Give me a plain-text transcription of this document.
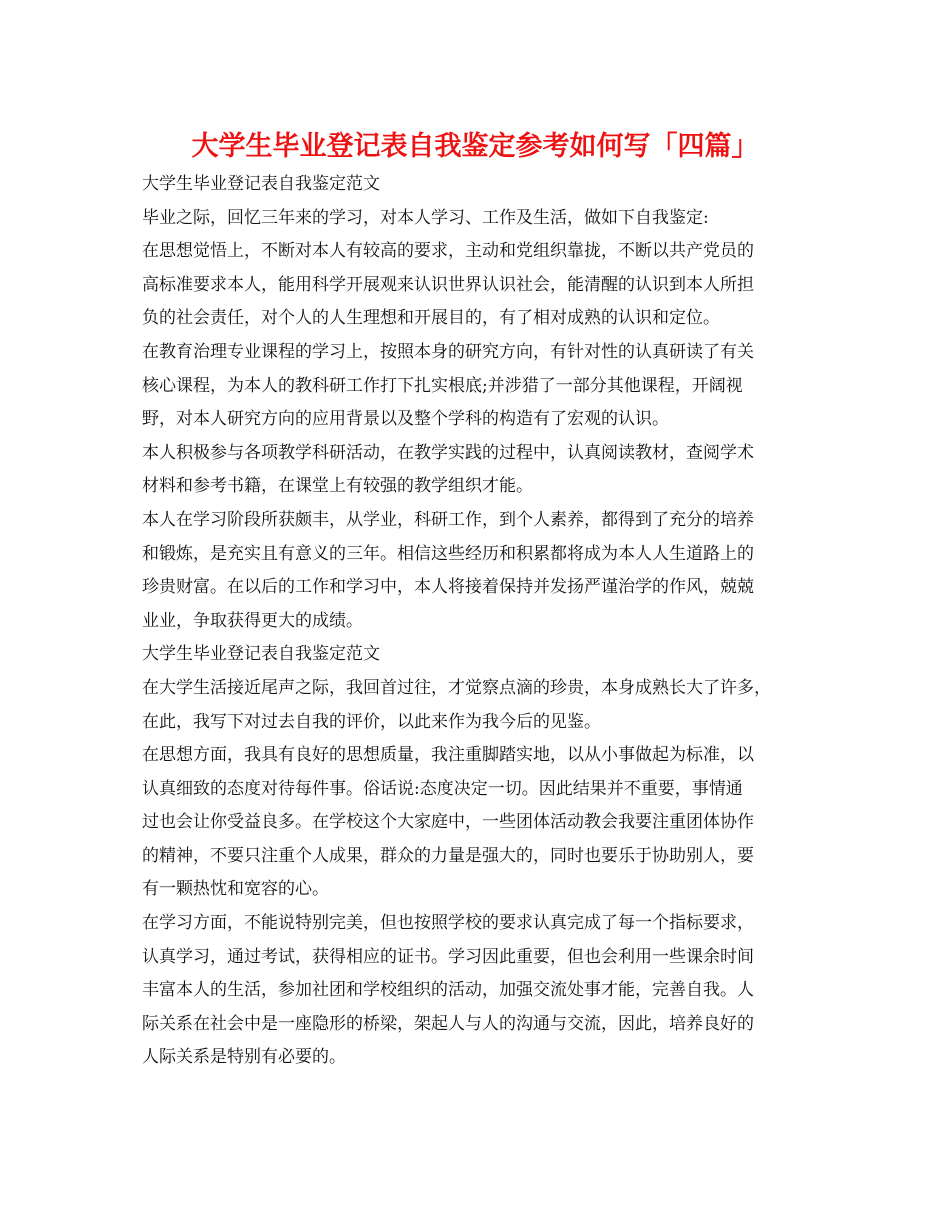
大学生毕业登记表自我鉴定参考如何写「四篇」
大学生毕业登记表自我鉴定范文
毕业之际，回忆三年来的学习，对本人学习、工作及生活，做如下自我鉴定:
在思想觉悟上，不断对本人有较高的要求，主动和党组织靠拢，不断以共产党员的
高标准要求本人，能用科学开展观来认识世界认识社会，能清醒的认识到本人所担
负的社会责任，对个人的人生理想和开展目的，有了相对成熟的认识和定位。
在教育治理专业课程的学习上，按照本身的研究方向，有针对性的认真研读了有关
核心课程，为本人的教科研工作打下扎实根底;并涉猎了一部分其他课程，开阔视
野，对本人研究方向的应用背景以及整个学科的构造有了宏观的认识。
本人积极参与各项教学科研活动，在教学实践的过程中，认真阅读教材，查阅学术
材料和参考书籍，在课堂上有较强的教学组织才能。
本人在学习阶段所获颇丰，从学业，科研工作，到个人素养，都得到了充分的培养
和锻炼，是充实且有意义的三年。相信这些经历和积累都将成为本人人生道路上的
珍贵财富。在以后的工作和学习中，本人将接着保持并发扬严谨治学的作风，兢兢
业业，争取获得更大的成绩。
大学生毕业登记表自我鉴定范文
在大学生活接近尾声之际，我回首过往，才觉察点滴的珍贵，本身成熟长大了许多，
在此，我写下对过去自我的评价，以此来作为我今后的见鉴。
在思想方面，我具有良好的思想质量，我注重脚踏实地，以从小事做起为标准，以
认真细致的态度对待每件事。俗话说:态度决定一切。因此结果并不重要，事情通
过也会让你受益良多。在学校这个大家庭中，一些团体活动教会我要注重团体协作
的精神，不要只注重个人成果，群众的力量是强大的，同时也要乐于协助别人，要
有一颗热忱和宽容的心。
在学习方面，不能说特别完美，但也按照学校的要求认真完成了每一个指标要求，
认真学习，通过考试，获得相应的证书。学习因此重要，但也会利用一些课余时间
丰富本人的生活，参加社团和学校组织的活动，加强交流处事才能，完善自我。人
际关系在社会中是一座隐形的桥梁，架起人与人的沟通与交流，因此，培养良好的
人际关系是特别有必要的。
